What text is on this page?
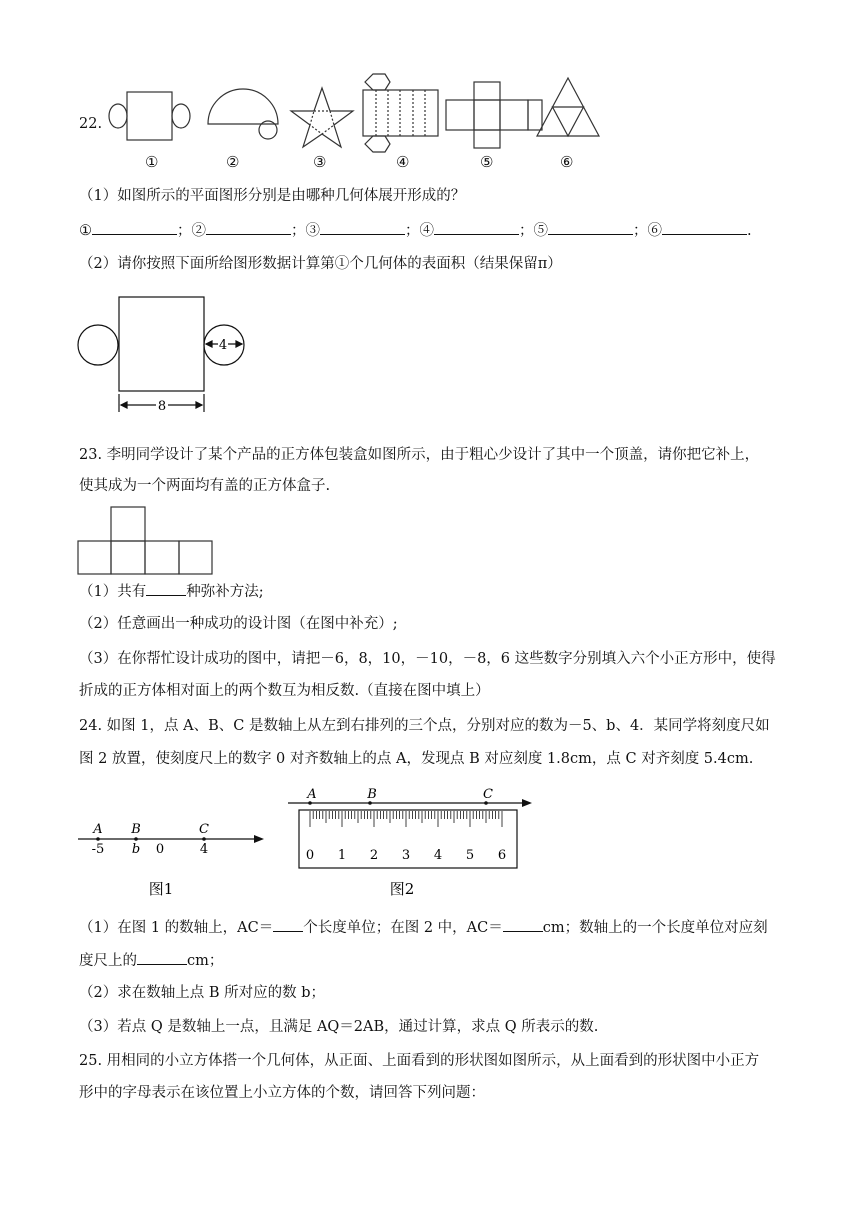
22.
①	②	③	④	⑤	⑥
（1）如图所示的平面图形分别是由哪种几何体展开形成的？
①	；②	；③	；④	；⑤	；⑥	.
（2）请你按照下面所给图形数据计算第①个几何体的表面积（结果保留π）
4
8
23. 李明同学设计了某个产品的正方体包装盒如图所示，由于粗心少设计了其中一个顶盖，请你把它补上，
使其成为一个两面均有盖的正方体盒子.
（1）共有	种弥补方法;
（2）任意画出一种成功的设计图（在图中补充）;
（3）在你帮忙设计成功的图中，请把－6，8，10，－10，－8，6 这些数字分别填入六个小正方形中，使得
折成的正方体相对面上的两个数互为相反数.（直接在图中填上）
24. 如图 1，点 A、B、C 是数轴上从左到右排列的三个点，分别对应的数为－5、b、4．某同学将刻度尺如
图 2 放置，使刻度尺上的数字 0 对齐数轴上的点 A，发现点 B 对应刻度 1.8cm，点 C 对齐刻度 5.4cm.
A B	C
-5 b 0	4
图1
A	B	C
0 1 2 3 4 5 6
图2
（1）在图 1 的数轴上，AC＝ 个长度单位；在图 2 中，AC＝	cm；数轴上的一个长度单位对应刻
度尺上的	cm；
（2）求在数轴上点 B 所对应的数 b；
（3）若点 Q 是数轴上一点，且满足 AQ＝2AB，通过计算，求点 Q 所表示的数.
25. 用相同的小立方体搭一个几何体，从正面、上面看到的形状图如图所示，从上面看到的形状图中小正方
形中的字母表示在该位置上小立方体的个数，请回答下列问题：
